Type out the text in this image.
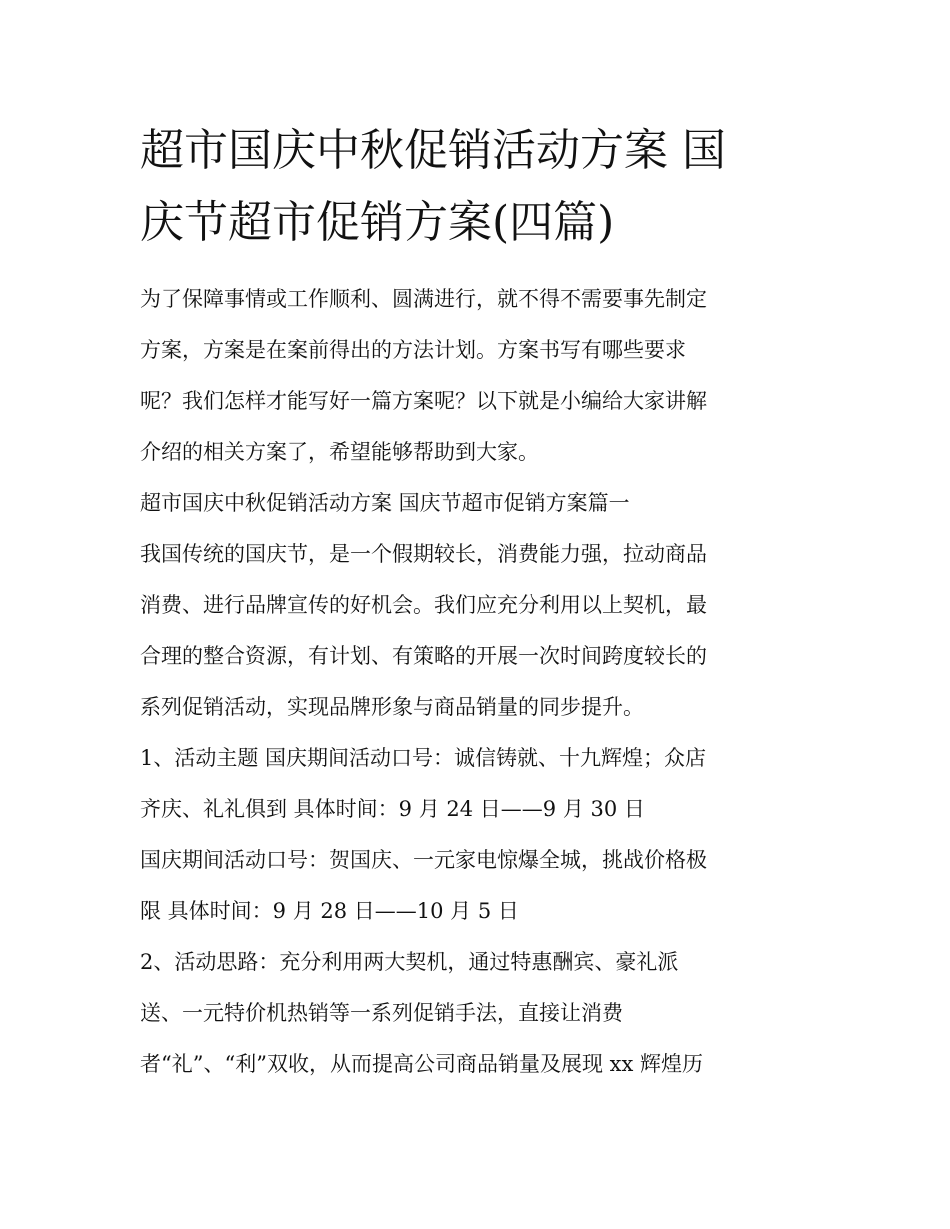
超市国庆中秋促销活动方案 国
庆节超市促销方案(四篇)

为了保障事情或工作顺利、圆满进行，就不得不需要事先制定
方案，方案是在案前得出的方法计划。方案书写有哪些要求
呢？我们怎样才能写好一篇方案呢？以下就是小编给大家讲解
介绍的相关方案了，希望能够帮助到大家。

超市国庆中秋促销活动方案 国庆节超市促销方案篇一

我国传统的国庆节，是一个假期较长，消费能力强，拉动商品
消费、进行品牌宣传的好机会。我们应充分利用以上契机，最
合理的整合资源，有计划、有策略的开展一次时间跨度较长的
系列促销活动，实现品牌形象与商品销量的同步提升。

1、活动主题 国庆期间活动口号：诚信铸就、十九辉煌；众店
齐庆、礼礼俱到 具体时间：9 月 24 日——9 月 30 日

国庆期间活动口号：贺国庆、一元家电惊爆全城，挑战价格极
限 具体时间：9 月 28 日——10 月 5 日

2、活动思路：充分利用两大契机，通过特惠酬宾、豪礼派
送、一元特价机热销等一系列促销手法，直接让消费
者“礼”、“利”双收，从而提高公司商品销量及展现 xx 辉煌历
